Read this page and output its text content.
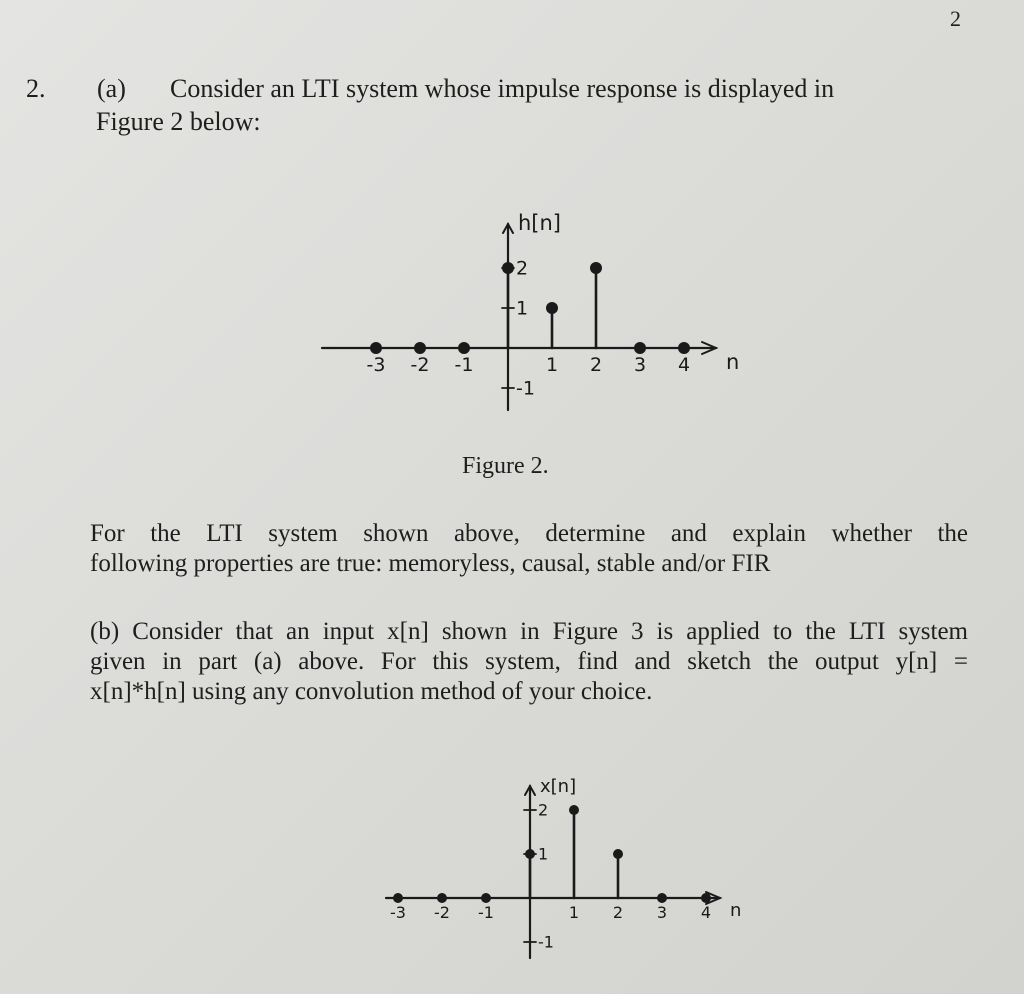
2
2. (a) Consider an LTI system whose impulse response is displayed in
Figure 2 below:
2
1
-1
-3 -2 -1	1 2 3 4 n
h[n]
Figure 2.
For the LTI system shown above, determine and explain whether the
following properties are true: memoryless, causal, stable and/or FIR
(b) Consider that an input x[n] shown in Figure 3 is applied to the LTI system
given in part (a) above. For this system, find and sketch the output y[n] =
x[n]*h[n] using any convolution method of your choice.
2
1
-1
-3 -2 -1	1 2 3 4 n
x[n]
